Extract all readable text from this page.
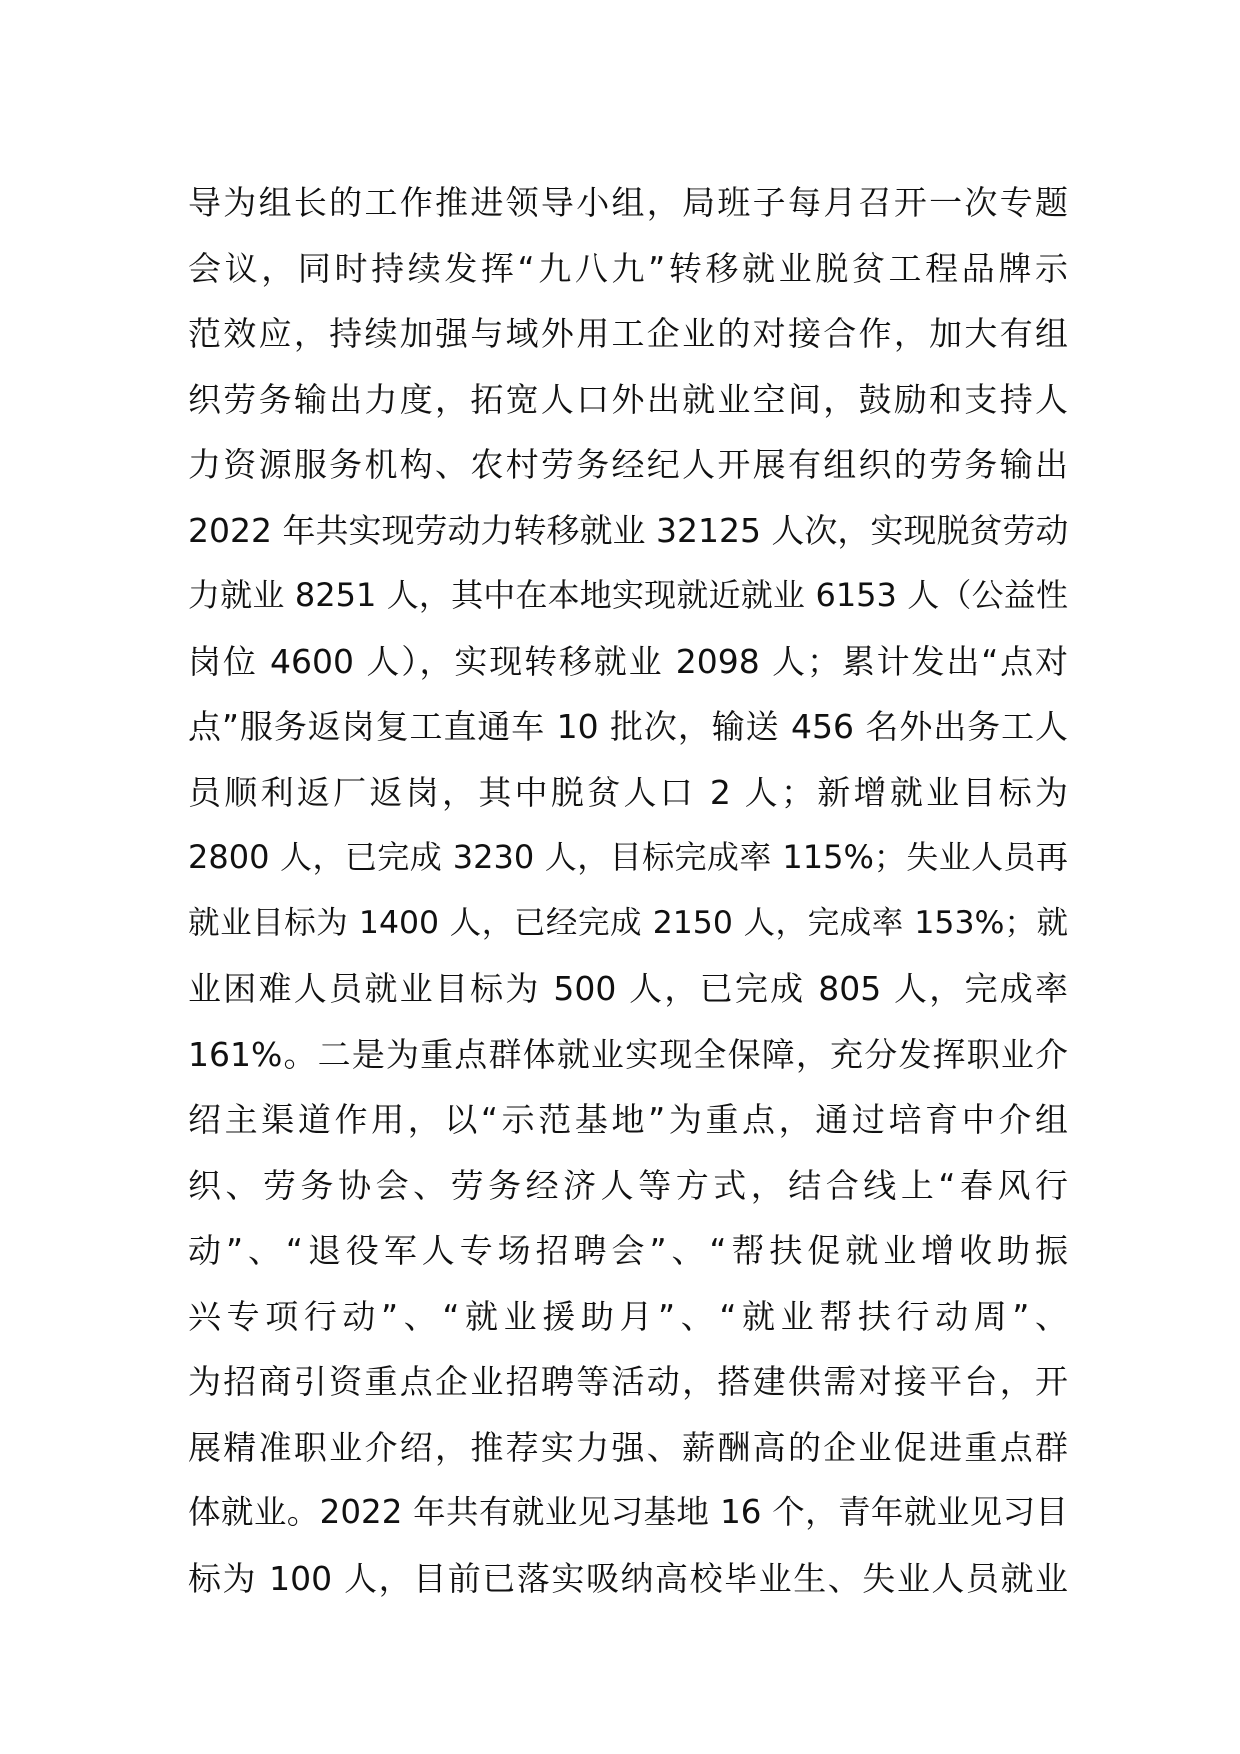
导为组长的工作推进领导小组，局班子每月召开一次专题
会议，同时持续发挥“九八九”转移就业脱贫工程品牌示
范效应，持续加强与域外用工企业的对接合作，加大有组
织劳务输出力度，拓宽人口外出就业空间，鼓励和支持人
力资源服务机构、农村劳务经纪人开展有组织的劳务输出
2022 年共实现劳动力转移就业 32125 人次，实现脱贫劳动
力就业 8251 人，其中在本地实现就近就业 6153 人（公益性
岗位 4600 人），实现转移就业 2098 人；累计发出“点对
点”服务返岗复工直通车 10 批次，输送 456 名外出务工人
员顺利返厂返岗，其中脱贫人口 2 人；新增就业目标为
2800 人，已完成 3230 人，目标完成率 115%；失业人员再
就业目标为 1400 人，已经完成 2150 人，完成率 153%；就
业困难人员就业目标为 500 人，已完成 805 人，完成率
161%。二是为重点群体就业实现全保障，充分发挥职业介
绍主渠道作用，以“示范基地”为重点，通过培育中介组
织、劳务协会、劳务经济人等方式，结合线上“春风行
动”、“退役军人专场招聘会”、“帮扶促就业增收助振
兴专项行动”、“就业援助月”、“就业帮扶行动周”、
为招商引资重点企业招聘等活动，搭建供需对接平台，开
展精准职业介绍，推荐实力强、薪酬高的企业促进重点群
体就业。2022 年共有就业见习基地 16 个，青年就业见习目
标为 100 人，目前已落实吸纳高校毕业生、失业人员就业
